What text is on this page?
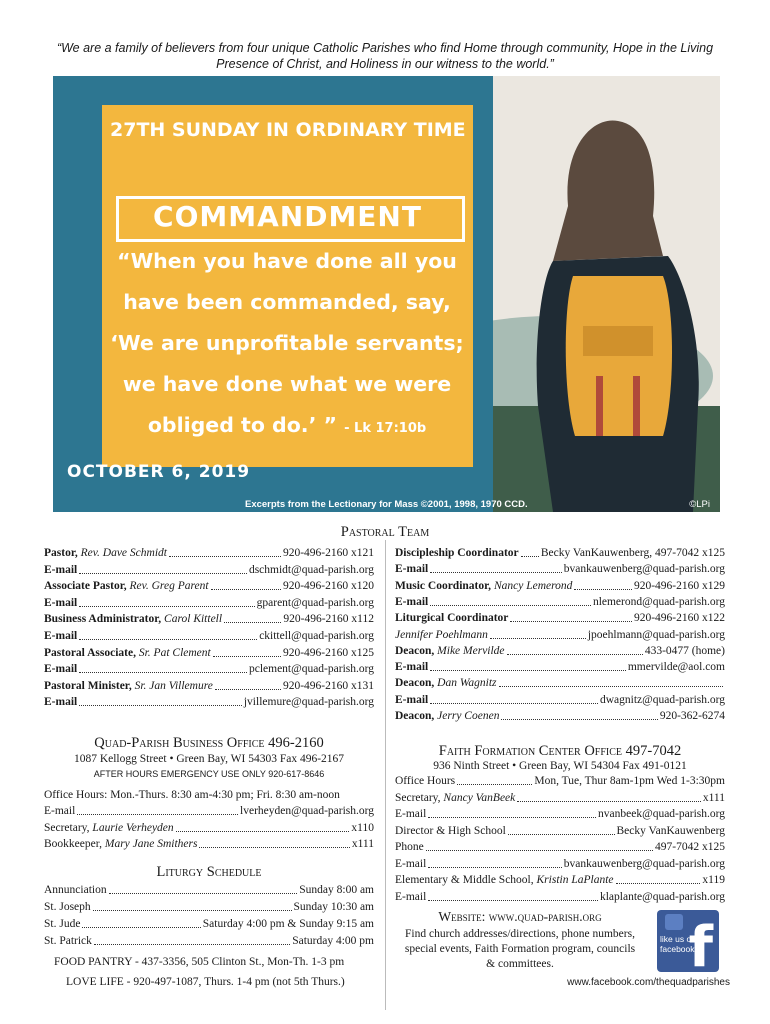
“We are a family of believers from four unique Catholic Parishes who find Home through community, Hope in the Living Presence of Christ, and Holiness in our witness to the world.”
27TH SUNDAY IN ORDINARY TIME
COMMANDMENT
“When you have done all you have been commanded, say, ‘We are unprofitable servants; we have done what we were obliged to do.’ ” - Lk 17:10b
OCTOBER 6, 2019
Excerpts from the Lectionary for Mass ©2001, 1998, 1970 CCD.	©LPi
Pastoral Team
Pastor, Rev. Dave Schmidt	920-496-2160 x121
E-mail	dschmidt@quad-parish.org
Associate Pastor, Rev. Greg Parent	920-496-2160 x120
E-mail	gparent@quad-parish.org
Business Administrator, Carol Kittell	920-496-2160 x112
E-mail	ckittell@quad-parish.org
Pastoral Associate, Sr. Pat Clement	920-496-2160 x125
E-mail	pclement@quad-parish.org
Pastoral Minister, Sr. Jan Villemure	920-496-2160 x131
E-mail	jvillemure@quad-parish.org
Discipleship Coordinator Becky VanKauwenberg, 497-7042 x125
E-mail	bvankauwenberg@quad-parish.org
Music Coordinator, Nancy Lemerond	920-496-2160 x129
E-mail	nlemerond@quad-parish.org
Liturgical Coordinator	920-496-2160 x122
Jennifer Poehlmann	jpoehlmann@quad-parish.org
Deacon, Mike Mervilde	433-0477 (home)
E-mail	mmervilde@aol.com
Deacon, Dan Wagnitz
E-mail	dwagnitz@quad-parish.org
Deacon, Jerry Coenen	920-362-6274
Quad-Parish Business Office 496-2160
1087 Kellogg Street • Green Bay, WI 54303 Fax 496-2167
AFTER HOURS EMERGENCY USE ONLY 920-617-8646
Office Hours: Mon.-Thurs. 8:30 am-4:30 pm; Fri. 8:30 am-noon
E-mail	lverheyden@quad-parish.org
Secretary, Laurie Verheyden	x110
Bookkeeper, Mary Jane Smithers	x111
Liturgy Schedule
Annunciation	Sunday 8:00 am
St. Joseph	Sunday 10:30 am
St. Jude	Saturday 4:00 pm & Sunday 9:15 am
St. Patrick	Saturday 4:00 pm
FOOD PANTRY - 437-3356, 505 Clinton St., Mon-Th. 1-3 pm
LOVE LIFE - 920-497-1087, Thurs. 1-4 pm (not 5th Thurs.)
Faith Formation Center Office 497-7042
936 Ninth Street • Green Bay, WI 54304 Fax 491-0121
Office Hours	Mon, Tue, Thur 8am-1pm Wed 1-3:30pm
Secretary, Nancy VanBeek	x111
E-mail	nvanbeek@quad-parish.org
Director & High School	Becky VanKauwenberg
Phone	497-7042 x125
E-mail	bvankauwenberg@quad-parish.org
Elementary & Middle School, Kristin LaPlante	x119
E-mail	klaplante@quad-parish.org
Website: www.quad-parish.org
Find church addresses/directions, phone numbers, special events, Faith Formation program, councils & committees.
www.facebook.com/thequadparishes
like us on facebook
f
